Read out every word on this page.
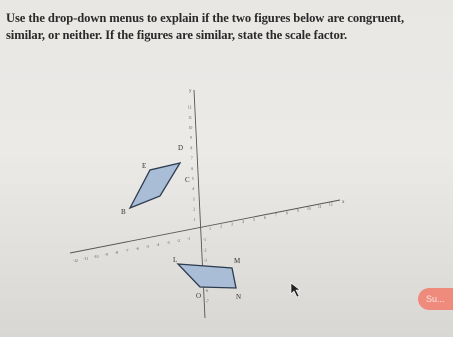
Use the drop-down menus to explain if the two figures below are congruent,
similar, or neither. If the figures are similar, state the scale factor.
y
x
1
2
3
4
5
6
7
8
9
10
11
12
-12 -11 -10 -9 -8 -7 -6 -5 -4 -3 -2 -1
1
2
3
4
5
6
7
8
9
10
11
12
-1
-2
-3
-6
-7
B
C
D
E
L	M
N
O	Su...
